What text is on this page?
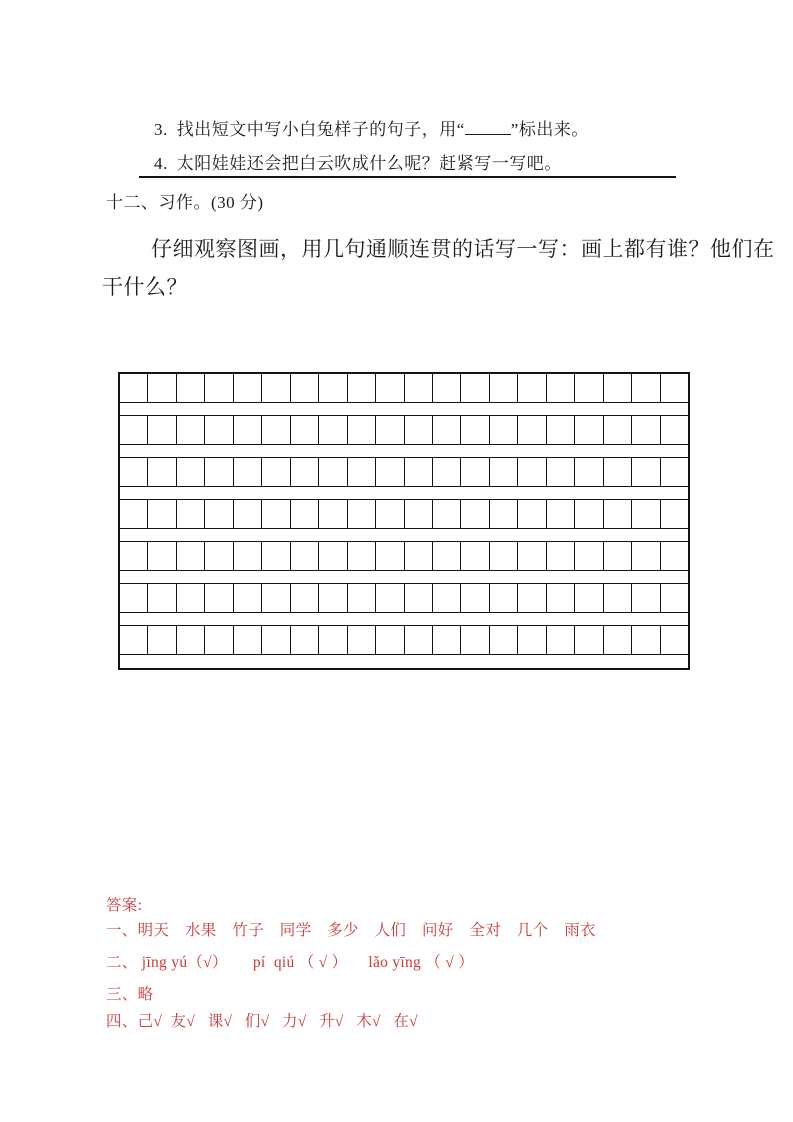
3. 找出短文中写小白兔样子的句子，用“	”标出来。

4. 太阳娃娃还会把白云吹成什么呢？赶紧写一写吧。

十二、习作。(30 分)
仔细观察图画，用几句通顺连贯的话写一写：画上都有谁？他们在
干什么？
答案:
一、明天　水果　竹子　同学　多少　人们　问好　全对　几个　雨衣
二、 jīng yú（√）      pí  qiú （ √ ）     lǎo yīng （ √ ）
三、略
四、己√  友√   课√   们√   力√   升√   木√   在√
